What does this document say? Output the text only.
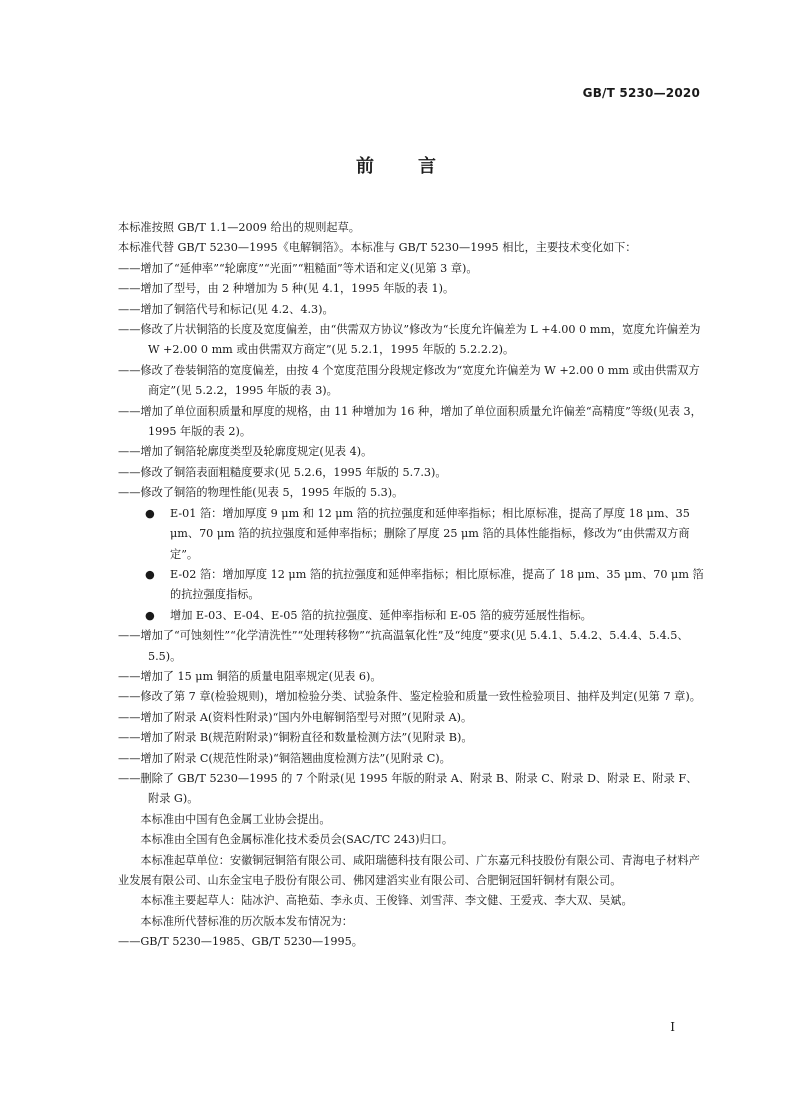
GB/T 5230—2020
前言
本标准按照 GB/T 1.1—2009 给出的规则起草。
本标准代替 GB/T 5230—1995《电解铜箔》。本标准与 GB/T 5230—1995 相比，主要技术变化如下：
——增加了“延伸率”“轮廓度”“光面”“粗糙面”等术语和定义(见第 3 章)。
——增加了型号，由 2 种增加为 5 种(见 4.1，1995 年版的表 1)。
——增加了铜箔代号和标记(见 4.2、4.3)。
——修改了片状铜箔的长度及宽度偏差，由“供需双方协议”修改为“长度允许偏差为 L +4.00 0 mm，宽度允许偏差为 W +2.00 0 mm 或由供需双方商定”(见 5.2.1，1995 年版的 5.2.2.2)。
——修改了卷装铜箔的宽度偏差，由按 4 个宽度范围分段规定修改为“宽度允许偏差为 W +2.00 0 mm 或由供需双方商定”(见 5.2.2，1995 年版的表 3)。
——增加了单位面积质量和厚度的规格，由 11 种增加为 16 种，增加了单位面积质量允许偏差“高精度”等级(见表 3，1995 年版的表 2)。
——增加了铜箔轮廓度类型及轮廓度规定(见表 4)。
——修改了铜箔表面粗糙度要求(见 5.2.6，1995 年版的 5.7.3)。
——修改了铜箔的物理性能(见表 5，1995 年版的 5.3)。
● E-01 箔：增加厚度 9 μm 和 12 μm 箔的抗拉强度和延伸率指标；相比原标准，提高了厚度 18 μm、35 μm、70 μm 箔的抗拉强度和延伸率指标；删除了厚度 25 μm 箔的具体性能指标，修改为“由供需双方商定”。
● E-02 箔：增加厚度 12 μm 箔的抗拉强度和延伸率指标；相比原标准，提高了 18 μm、35 μm、70 μm 箔的抗拉强度指标。
● 增加 E-03、E-04、E-05 箔的抗拉强度、延伸率指标和 E-05 箔的疲劳延展性指标。
——增加了“可蚀刻性”“化学清洗性”“处理转移物”“抗高温氧化性”及“纯度”要求(见 5.4.1、5.4.2、5.4.4、5.4.5、5.5)。
——增加了 15 μm 铜箔的质量电阻率规定(见表 6)。
——修改了第 7 章(检验规则)，增加检验分类、试验条件、鉴定检验和质量一致性检验项目、抽样及判定(见第 7 章)。
——增加了附录 A(资料性附录)“国内外电解铜箔型号对照”(见附录 A)。
——增加了附录 B(规范附附录)“铜粉直径和数量检测方法”(见附录 B)。
——增加了附录 C(规范性附录)“铜箔翘曲度检测方法”(见附录 C)。
——删除了 GB/T 5230—1995 的 7 个附录(见 1995 年版的附录 A、附录 B、附录 C、附录 D、附录 E、附录 F、附录 G)。
本标准由中国有色金属工业协会提出。
本标准由全国有色金属标准化技术委员会(SAC/TC 243)归口。
本标准起草单位：安徽铜冠铜箔有限公司、咸阳瑞德科技有限公司、广东嘉元科技股份有限公司、青海电子材料产业发展有限公司、山东金宝电子股份有限公司、佛冈建滔实业有限公司、合肥铜冠国轩铜材有限公司。
本标准主要起草人：陆冰沪、高艳茹、李永贞、王俊锋、刘雪萍、李文健、王爱戎、李大双、吴斌。
本标准所代替标准的历次版本发布情况为：
——GB/T 5230—1985、GB/T 5230—1995。
I
